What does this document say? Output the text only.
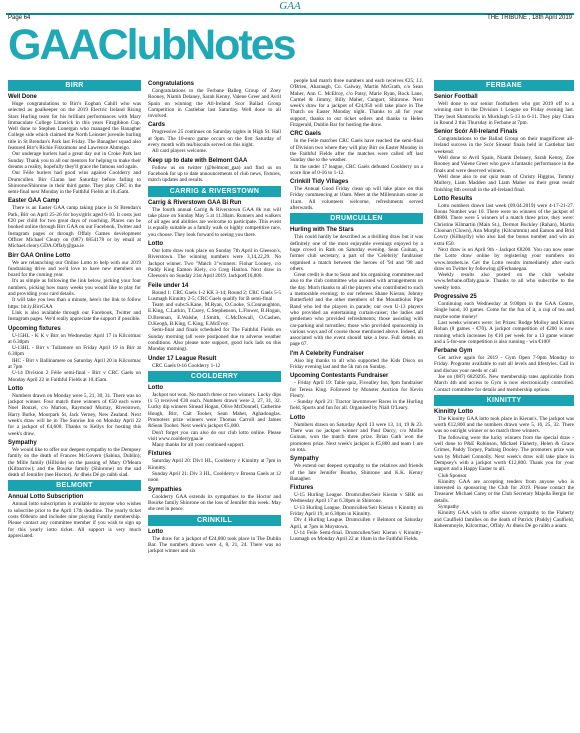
GAA
Page 64	THE TRIBUNE , 18th April 2019
GAAClubNotes
BIRR
Well Done
Huge congratulations to Birr's Eoghan Cahill who was selected as goalkeeper on the 2019 Electric Ireland Rising Stars Hurling team for his brilliant performances with Mary Immaculate College Limerick in this years Fitzgibbon Cup. Well done to Stephen Lonergan who managed the Banagher College side which claimed the North Leinster juvenile hurling title in St Brendan's Park last Friday. The Banagher squad also featured Birr's Richie Fitzsimons and Lawrence Ahmeigo.
Our underage hurlers had a great day out in Croke Park last Sunday. Thank you to all our mentors for helping to make their dreams a reality, hopefully they'll grace the famous sod again.
Our Féile hurlers had good wins against Coolderry and Drumcullen. Birr Ciaran last Saturday before falling to Shinrone/Shinrone in their third game. They play CRC in the semi-final next Monday in the Faithful Fields at 10.45am.
Easter GAA Camp
There is an Easter GAA camp taking place in St Brendan's Park, Birr on April 25-26 for boys/girls aged 6-10. It costs just €20 per child for two great days of coaching. Places can be booked online through Birr GAA on our Facebook, Twitter and Instagram pages or through Offaly Games development Officer Michael Cleary on (087) 6854178 or by email at Michael.cleary.GDA.Offaly@gaa.ie
Birr GAA Online Lotto
We are relaunching our Online Lotto to help with our 2019 fundraising drive and we'd love to have new members on board for the coming year.
It's as simple as following the link below, picking your four numbers, picking how many weeks you would like to play for and providing your card details.
It will take you less than a minute, here's the link to follow https: bit.ly.BirrGAA
Link is also available through our Facebook, Twitter and Instagram pages. We'd really appreciate the support if possible.
Upcoming fixtures
U-15HL - K K v Birr on Wednesday April 17 in Kilcormac at 6.30pm
U-13HL - Birr v Tullamore on Friday April 19 in Birr at 6.30pm
IHC - Birr v Ballinamere on Saturday April 20 in Kilcormac at 7pm
U-14 Division 2 Féile semi-final - Birr v CRC Gaels on Monday April 22 in Faithful Fields at 10.45am.
Lotto
Numbers drawn on Monday were 5, 21, 30, 31. There was no jackpot winner. Four match three winners of €50 each were Noel Bonzel, c/o Marion, Raymond Murray, Riverstown, Harry Burke, Moorpark St, Jack Verney, New Zealand. Next week's draw will be in The Sunrise Inn on Monday April 22 for a jackpot of €4,600. Thanks to Kellys for hosting this week's draw.
Sympathy
We would like to offer our deepest sympathy to the Dempsey family on the death of Frances McGovern (Sabina, Dublin); the Mille family (Hillside) on the passing of Mary O'Meara (Kilbarrow); and the Bourke family (Shinrone) on the sad death of Jennifer (nee Hoctor). Ar dheis Dé go raibh siad.
BELMONT
Annual Lotto Subscription
Annual lotto subscription is available to anyone who wishes to subscribe prior to the April 17th deadline. The yearly ticket costs €60euro and includes nine playing Family membership. Please contact any committee member if you wish to sign up for this yearly lotto ticket. All support is very much appreciated.
Congratulations
Congratulations to the Ferbane Balleg Group of Zoey Rooney, Niamh Delaney, Sarah Kenny, Valene Greer and Avril Spain on winning the All-Ireland Scor Ballad Group Competition in Castlebar last Saturday. Well done to all involved.
Cards
Progressive 25 continues on Saturday nights in High St. Hall at 9pm. The 10-euro game occurs on the first Saturday of every month with tea/biscuits served on this night.
All card players welcome.
Keep up to date with Belmont GAA
Follow us on twitter (@belmont_gaa) and find us on Facebook for up to date announcements of club news, fixtures, match updates and results.
CARRIG & RIVERSTOWN
Carrig & Riverstown GAA Bi Run
The fourth annual Carrig & Riverstown GAA 8k run will take place on Sunday May 5 at 11.30am. Runners and walkers of all ages and abilities are welcome to participate. This event is equally suitable as a family walk or highly competitive race, you choose. They look forward to seeing you there.
Lotto
Our lotto draw took place on Sunday 7th April in Gleeson's, Riverstown. The winning numbers were 3,14,22,29. No Jackpot winner. Two "Match 3"winners: Fiohar Looney, c/o Paddy King Eamon Kiely, c/o Greg Hanlon. Next draw in Gleeson's on Sunday 21st April 2019. Jackpot€16,800.
Feile under 14
Round 1: CRC Gaels 1-2 KK 3-14; Round 2: CRC Gaels 5-5 Lusmagh Kinnitty 2-5; CRC Gaels qualify for B semi-final
Team and subs:S.Kane, M.Ryan, O.Cooke, S.Connaughton, E.King, C.Larkin, T.Carey, C.Stephenson, L.Flower, B.Hogan, D.Brennan, E.Walshe, J.Smith, C.McDowall, O.Cashen, D.Keogh, B.King, C.King, E.McEvoy.
Semi-final and finals scheduled for The Faithful Fields on Sunday morning (all were postponed due to adverse weather conditions. Also please note support, good luck lads on this Monday morning).
Under 17 League Result
CRC Gaels 0-16 Coolderry 1-12
COOLDERRY
Lotto
Jackpot not won. No match three or two winners. Lucky dips (x 5) received €30 each. Numbers drawn were 2, 27, 31, 32. Lucky dip winners Sinead Hogan, Olive McDonnell, Catherine Hough, Birr, Cait Tooher, Sean Maher, Aghadouglas. Promoters prize winners were Thomas Carroll and James &Sean Tooher. Next week's jackpot €5,000.
Don't forget you can also do our club lotto online. Please visit www.coolderrygaa.ie
Many thanks for all your continued support.
Fixtures
Saturday April 20: Div1 HL, Coolderry v Kinnitty at 7pm in Kinnitty.
Sunday April 21: Div 3 HL, Coolderry v Brosna Gaels at 12 noon
Sympathies
Coolderry GAA extends its sympathies to the Hoctor and Bourke family Shinrone on the loss of Jennifer this week. May she rest in peace.
CRINKILL
Lotto
The draw for a jackpot of €24,800 took place in The Dublin Bar. The numbers drawn were 4, 8, 21, 24. There was no jackpot winner and six
people had match three numbers and each receives €25; J.J. O'Brien, Aharaugh, Co. Galway, Martin McGrath, c/o Sean Maher, Ann C. McElroy, c/o Patsy, Marie Ryan, Rock Lane, Carmel & Jimmy, Billy Maher, Cangort, Shinrone. Next week's draw for a jackpot of €24,950 will take place in The Thatch on Easter Monday night. Thanks to all for your support, thanks to our ticket sellers and thanks to Helen Fitzgerald, Dublin Bar for hosting the draw.
CRC Gaels
In the Feile matches CRC Gaels have reached the semi-final of Division two where they will play Birr on Easter Monday in the Faithful Fields after the matches were called off last Sunday due to the weather.
In the under 17 league, CRC Gaels defeated Coolderry on a score line of 0-16 to 1-12.
Crinkill Tidy Villages
The Annual Good Friday clean up will take place on this Friday commencing at 10am. Meet at the Millennium stone at 11am. All volunteers welcome, refreshments served afterwards.
DRUMCULLEN
Hurling with The Stars
This could hardly be described as a thrilling draw but it was definitely one of the most enjoyable evenings enjoyed by a huge crowd in Rath on Saturday evening. Sean Guinan, a former club secretary, a part of the 'Celebrity' fundraiser organised a match between the heroes of '94 and '98 and others.
Great credit is due to Sean and his organising committee and also to the club committee who assisted with arrangements on the day. Much thanks to all the players who contributed to such a memorable evening; to our referees Shane Kieran; Johnny Butterfield and the other members of the Mountbolus Pipe Band who led the players in parade; our own U-13 players who provided an entertaining curtain-raiser; the ladies and gentlemen who provided refreshments; those assisting with car-parking and turnstiles; those who provided sponsorship in various ways and of course those mentioned above. Indeed, all associated with the event should take a bow. Full details on page 67.
I'm A Celebrity Fundraiser
Also big thanks to all who supported the Kids Disco on Friday evening last and the 5k run on Sunday.
Upcoming Contestants Fundraiser
- Friday April 19: Table quiz, Fivealley Inn, 9pm fundraiser for Teresa King. Followed by Monster Auction for Kevin Fleury.
- Sunday April 21: Tractor lawnmower Races in the Hurling field, Sports and fun for all. Organised by Niall O'Leary.
Lotto
Numbers drawn on Saturday April 13 were 13, 14, 19 & 23. There was no jackpot winner and Paul Darcy, c/o Mollie Guinan, won the match three prize. Brian Gath won the promoters prize. Next week's jackpot is €5,800 and team 1 are on rota.
Sympathy
We extend our deepest sympathy to the relatives and friends of the late Jennifer Bourke, Shinrone and K.K. Kenny Banagher.
Fixtures
U-15 Hurling League. Drumcullen/Seir Kieran v SBK on Wednesday April 17 at 6.30pm in Shinrone.
U-13 Hurling League. Drumcullen/Seir Kieran v Kinnitty on Friday April 19, at 6.30pm in Kinnitty.
Div 4 Hurling League. Drumcullen v Belmont on Saturday April, at 7pm in Moystown.
U-14 Feile Semi-final. Drumcullen/Seir Kieran v Kinnitty-Lusmagh on Monday April 22 at 10am in the Faithful Fields.
FERBANE
Senior Football
Well done to our senior footballers who got 2019 off to a winning start in the Division 1 League on Friday evening last. They beat Shamrocks in Mucklagh 5-13 to 6-11. They play Clara in Round 2 this Thursday in Ferbane at 7pm.
Senior Scór All-Ireland Finals
Congratulations to the Ballad Group on their magnificent all-Ireland success in the Scór Sinsear finals held in Castlebar last weekend.
Well done to Avril Spain, Niamh Delaney, Sarah Kenny, Zoe Rooney and Valene Greer who gave a fantastic performance in the finals and were deserved winners.
Well done also to our quiz team of Christy Higgins, Tommy Mullery, Liam Madden and Liam Maher on their great result finishing 8th overall in the all-Ireland final.
Lotto Results
Lotto numbers drawn last week (09.04.2019) were 4-17-21-27. Bonus Number was 10. There were no winners of the jackpot of €8800. There were 5 winners of a match three prize, they were: Christine Kilmartin (Main St.), Dermot Buckley (Rahan), Martin Cloonan (Clown), Ann Murphy (Kilcummin) and Eamon and Brid Lowry (Kilbaylly) who also had the bonus number and win an extra €50.
Next draw is on April 9th - Jackpot €8200. You can now enter the Lotto draw online by registering your numbers on www.lotobets.ie. Get the Lotto results immediately after each draw on Twitter by following @Ferbanegaa.
Weekly results also posted on the club website www.ferbane.offaly.gaa.ie. Thanks to all who subscribe to the weekly lotto.
Progressive 25
Continuing each Wednesday at 9:00pm in the GAA Centre, Single hand, 10 games. Come for the fun of it, a cup of tea and maybe some money!
Last weeks winners were: 1st Prizes: Rodge Molloy and Kieran Rohan (8 games - €70). A jackpot competition of €200 is now running which increases by €10 per week for a 13 game winner and a 5-for-one competition is also running - win €100!
Ferbane Gym
Get active again for 2019 - Gym Open 7-9pm Monday to Friday. Programs available to suit all levels and lifestyles. Call in and discuss your needs or call
Joe on (087) 6829295. New membership rates applicable from March 4th and access to Gym is now electronically controlled. Contact committee for details and membership options.
KINNITTY
Kinnitty Lotto
The Kinnitty GAA lotto took place in Kieran's. The jackpot was worth €12,800 and the numbers drawn were 5, 16, 25, 32. There was no outright winner or no match three winners.
The following were the lucky winners from the special draw - well done to P&E Robinson, Michael Flaherty, Helen & Grace Grimes, Paddy Torpey, Padraig Dooley. The promoters prize was won by Michael Connolly. Next week's draw will take place in Dempsey's with a jackpot worth €12,800. Thank you for your support and a Happy Easter to all.
Club Sponsor
Kinnitty GAA are accepting tenders from anyone who is interested in sponsoring the Club for 2019. Please contact the Treasurer Michael Carey or the Club Secretary Majella Bergin for details.
Sympathy
Kinnitty GAA wish to offer sincere sympathy to the Flaherty and Caulfield families on the death of Patrick (Paddy) Caulfield, Raheenmoyle, Kilcormac, Offaly. Ar dheis Dé go raibh a anam.
